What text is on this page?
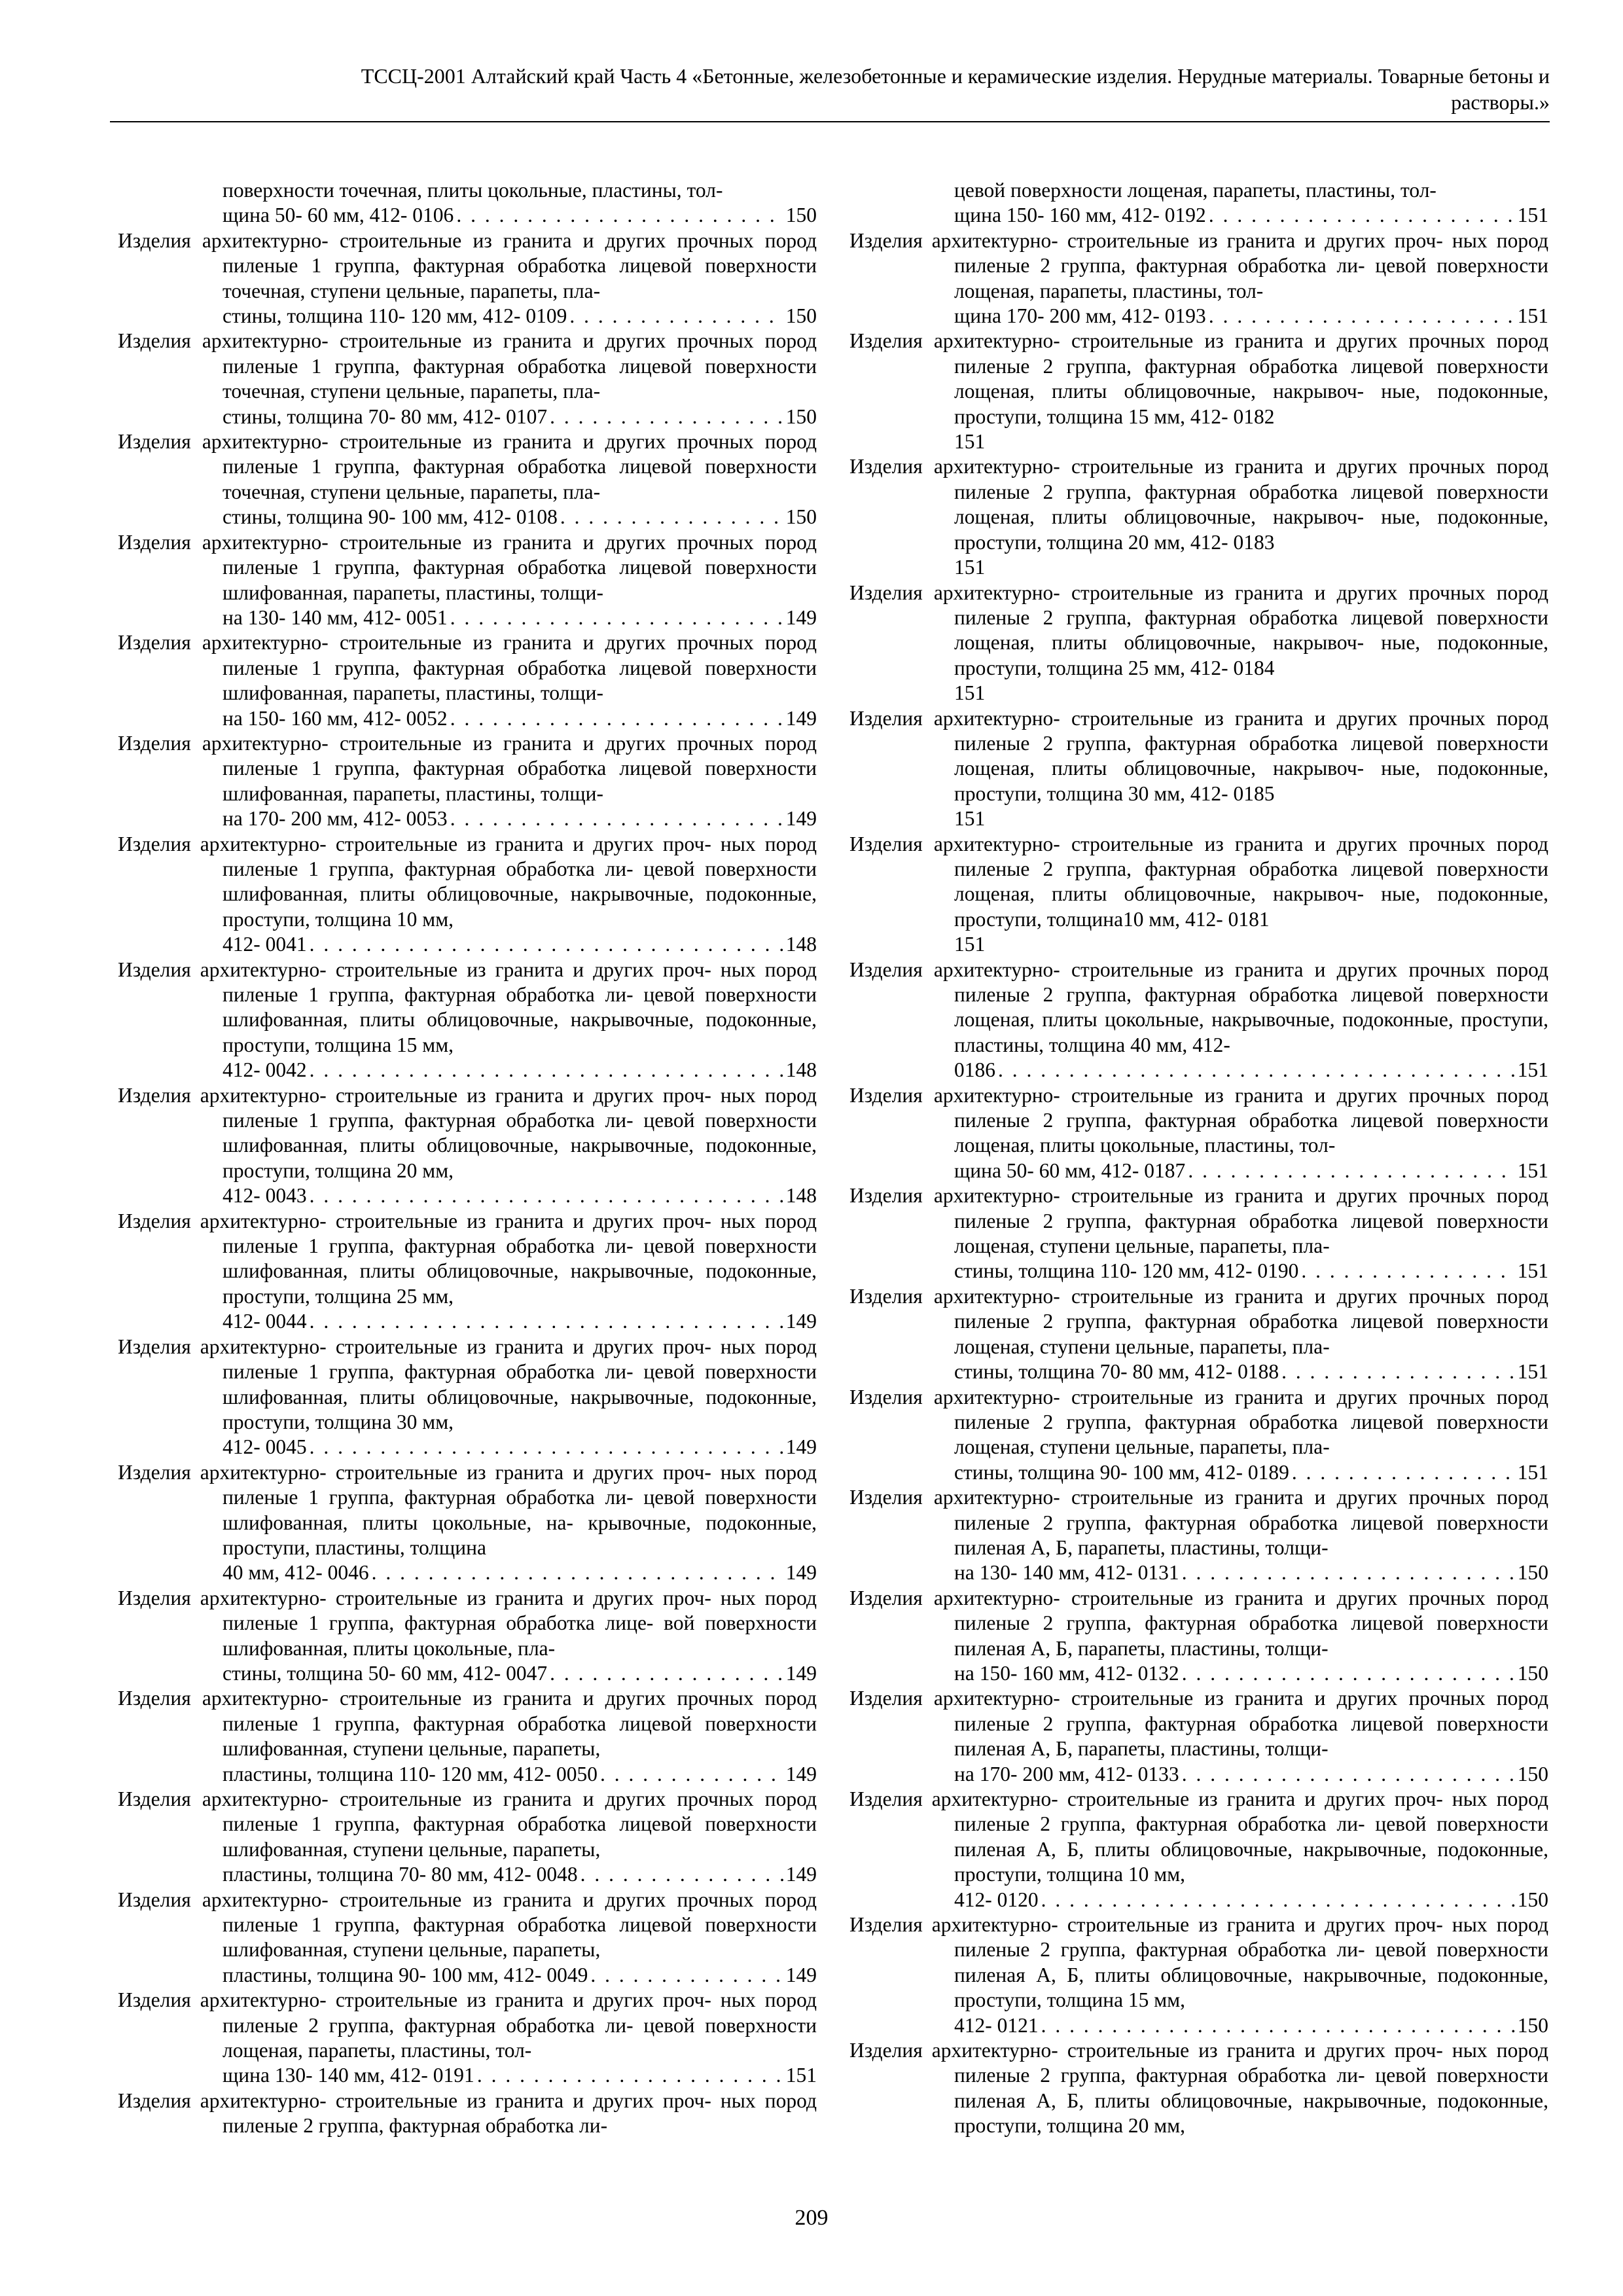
ТССЦ-2001 Алтайский край Часть 4 «Бетонные, железобетонные и керамические изделия. Нерудные материалы. Товарные бетоны и
растворы.»
поверхности точечная, плиты цокольные, пластины, тол-
щина 50- 60 мм, 412- 0106 . . .	150
Изделия архитектурно- строительные из гранита и других прочных пород пиленые 1 группа, фактурная обработка лицевой поверхности точечная, ступени цельные, парапеты, пла-
стины, толщина 110- 120 мм, 412- 0109 . . .	150
Изделия архитектурно- строительные из гранита и других прочных пород пиленые 1 группа, фактурная обработка лицевой поверхности точечная, ступени цельные, парапеты, пла-
стины, толщина 70- 80 мм, 412- 0107 . . .	150
Изделия архитектурно- строительные из гранита и других прочных пород пиленые 1 группа, фактурная обработка лицевой поверхности точечная, ступени цельные, парапеты, пла-
стины, толщина 90- 100 мм, 412- 0108 . . .	150
Изделия архитектурно- строительные из гранита и других прочных пород пиленые 1 группа, фактурная обработка лицевой поверхности шлифованная, парапеты, пластины, толщи-
на 130- 140 мм, 412- 0051 . . .	149
Изделия архитектурно- строительные из гранита и других прочных пород пиленые 1 группа, фактурная обработка лицевой поверхности шлифованная, парапеты, пластины, толщи-
на 150- 160 мм, 412- 0052 . . .	149
Изделия архитектурно- строительные из гранита и других прочных пород пиленые 1 группа, фактурная обработка лицевой поверхности шлифованная, парапеты, пластины, толщи-
на 170- 200 мм, 412- 0053 . . .	149
Изделия архитектурно- строительные из гранита и других проч- ных пород пиленые 1 группа, фактурная обработка ли- цевой поверхности шлифованная, плиты облицовочные, накрывочные, подоконные, проступи, толщина 10 мм,
412- 0041 . . .	148
Изделия архитектурно- строительные из гранита и других проч- ных пород пиленые 1 группа, фактурная обработка ли- цевой поверхности шлифованная, плиты облицовочные, накрывочные, подоконные, проступи, толщина 15 мм,
412- 0042 . . .	148
Изделия архитектурно- строительные из гранита и других проч- ных пород пиленые 1 группа, фактурная обработка ли- цевой поверхности шлифованная, плиты облицовочные, накрывочные, подоконные, проступи, толщина 20 мм,
412- 0043 . . .	148
Изделия архитектурно- строительные из гранита и других проч- ных пород пиленые 1 группа, фактурная обработка ли- цевой поверхности шлифованная, плиты облицовочные, накрывочные, подоконные, проступи, толщина 25 мм,
412- 0044 . . .	149
Изделия архитектурно- строительные из гранита и других проч- ных пород пиленые 1 группа, фактурная обработка ли- цевой поверхности шлифованная, плиты облицовочные, накрывочные, подоконные, проступи, толщина 30 мм,
412- 0045 . . .	149
Изделия архитектурно- строительные из гранита и других проч- ных пород пиленые 1 группа, фактурная обработка ли- цевой поверхности шлифованная, плиты цокольные, на- крывочные, подоконные, проступи, пластины, толщина
40 мм, 412- 0046 . . .	149
Изделия архитектурно- строительные из гранита и других проч- ных пород пиленые 1 группа, фактурная обработка лице- вой поверхности шлифованная, плиты цокольные, пла-
стины, толщина 50- 60 мм, 412- 0047 . . .	149
Изделия архитектурно- строительные из гранита и других прочных пород пиленые 1 группа, фактурная обработка лицевой поверхности шлифованная, ступени цельные, парапеты,
пластины, толщина 110- 120 мм, 412- 0050 . . .	149
Изделия архитектурно- строительные из гранита и других прочных пород пиленые 1 группа, фактурная обработка лицевой поверхности шлифованная, ступени цельные, парапеты,
пластины, толщина 70- 80 мм, 412- 0048 . . .	149
Изделия архитектурно- строительные из гранита и других прочных пород пиленые 1 группа, фактурная обработка лицевой поверхности шлифованная, ступени цельные, парапеты,
пластины, толщина 90- 100 мм, 412- 0049 . . .	149
Изделия архитектурно- строительные из гранита и других проч- ных пород пиленые 2 группа, фактурная обработка ли- цевой поверхности лощеная, парапеты, пластины, тол-
щина 130- 140 мм, 412- 0191 . . .	151
Изделия архитектурно- строительные из гранита и других проч- ных пород пиленые 2 группа, фактурная обработка ли-
цевой поверхности лощеная, парапеты, пластины, тол-
щина 150- 160 мм, 412- 0192 . . .	151
Изделия архитектурно- строительные из гранита и других проч- ных пород пиленые 2 группа, фактурная обработка ли- цевой поверхности лощеная, парапеты, пластины, тол-
щина 170- 200 мм, 412- 0193 . . .	151
Изделия архитектурно- строительные из гранита и других прочных пород пиленые 2 группа, фактурная обработка лицевой поверхности лощеная, плиты облицовочные, накрывоч- ные, подоконные, проступи, толщина 15 мм, 412- 0182
151
Изделия архитектурно- строительные из гранита и других прочных пород пиленые 2 группа, фактурная обработка лицевой поверхности лощеная, плиты облицовочные, накрывоч- ные, подоконные, проступи, толщина 20 мм, 412- 0183
151
Изделия архитектурно- строительные из гранита и других прочных пород пиленые 2 группа, фактурная обработка лицевой поверхности лощеная, плиты облицовочные, накрывоч- ные, подоконные, проступи, толщина 25 мм, 412- 0184
151
Изделия архитектурно- строительные из гранита и других прочных пород пиленые 2 группа, фактурная обработка лицевой поверхности лощеная, плиты облицовочные, накрывоч- ные, подоконные, проступи, толщина 30 мм, 412- 0185
151
Изделия архитектурно- строительные из гранита и других прочных пород пиленые 2 группа, фактурная обработка лицевой поверхности лощеная, плиты облицовочные, накрывоч- ные, подоконные, проступи, толщина10 мм, 412- 0181
151
Изделия архитектурно- строительные из гранита и других прочных пород пиленые 2 группа, фактурная обработка лицевой поверхности лощеная, плиты цокольные, накрывочные, подоконные, проступи, пластины, толщина 40 мм, 412-
0186 . . .	151
Изделия архитектурно- строительные из гранита и других прочных пород пиленые 2 группа, фактурная обработка лицевой поверхности лощеная, плиты цокольные, пластины, тол-
щина 50- 60 мм, 412- 0187 . . .	151
Изделия архитектурно- строительные из гранита и других прочных пород пиленые 2 группа, фактурная обработка лицевой поверхности лощеная, ступени цельные, парапеты, пла-
стины, толщина 110- 120 мм, 412- 0190 . . .	151
Изделия архитектурно- строительные из гранита и других прочных пород пиленые 2 группа, фактурная обработка лицевой поверхности лощеная, ступени цельные, парапеты, пла-
стины, толщина 70- 80 мм, 412- 0188 . . .	151
Изделия архитектурно- строительные из гранита и других прочных пород пиленые 2 группа, фактурная обработка лицевой поверхности лощеная, ступени цельные, парапеты, пла-
стины, толщина 90- 100 мм, 412- 0189 . . .	151
Изделия архитектурно- строительные из гранита и других прочных пород пиленые 2 группа, фактурная обработка лицевой поверхности пиленая А, Б, парапеты, пластины, толщи-
на 130- 140 мм, 412- 0131 . . .	150
Изделия архитектурно- строительные из гранита и других прочных пород пиленые 2 группа, фактурная обработка лицевой поверхности пиленая А, Б, парапеты, пластины, толщи-
на 150- 160 мм, 412- 0132 . . .	150
Изделия архитектурно- строительные из гранита и других прочных пород пиленые 2 группа, фактурная обработка лицевой поверхности пиленая А, Б, парапеты, пластины, толщи-
на 170- 200 мм, 412- 0133 . . .	150
Изделия архитектурно- строительные из гранита и других проч- ных пород пиленые 2 группа, фактурная обработка ли- цевой поверхности пиленая А, Б, плиты облицовочные, накрывочные, подоконные, проступи, толщина 10 мм,
412- 0120 . . .	150
Изделия архитектурно- строительные из гранита и других проч- ных пород пиленые 2 группа, фактурная обработка ли- цевой поверхности пиленая А, Б, плиты облицовочные, накрывочные, подоконные, проступи, толщина 15 мм,
412- 0121 . . .	150
Изделия архитектурно- строительные из гранита и других проч- ных пород пиленые 2 группа, фактурная обработка ли- цевой поверхности пиленая А, Б, плиты облицовочные, накрывочные, подоконные, проступи, толщина 20 мм,
209
